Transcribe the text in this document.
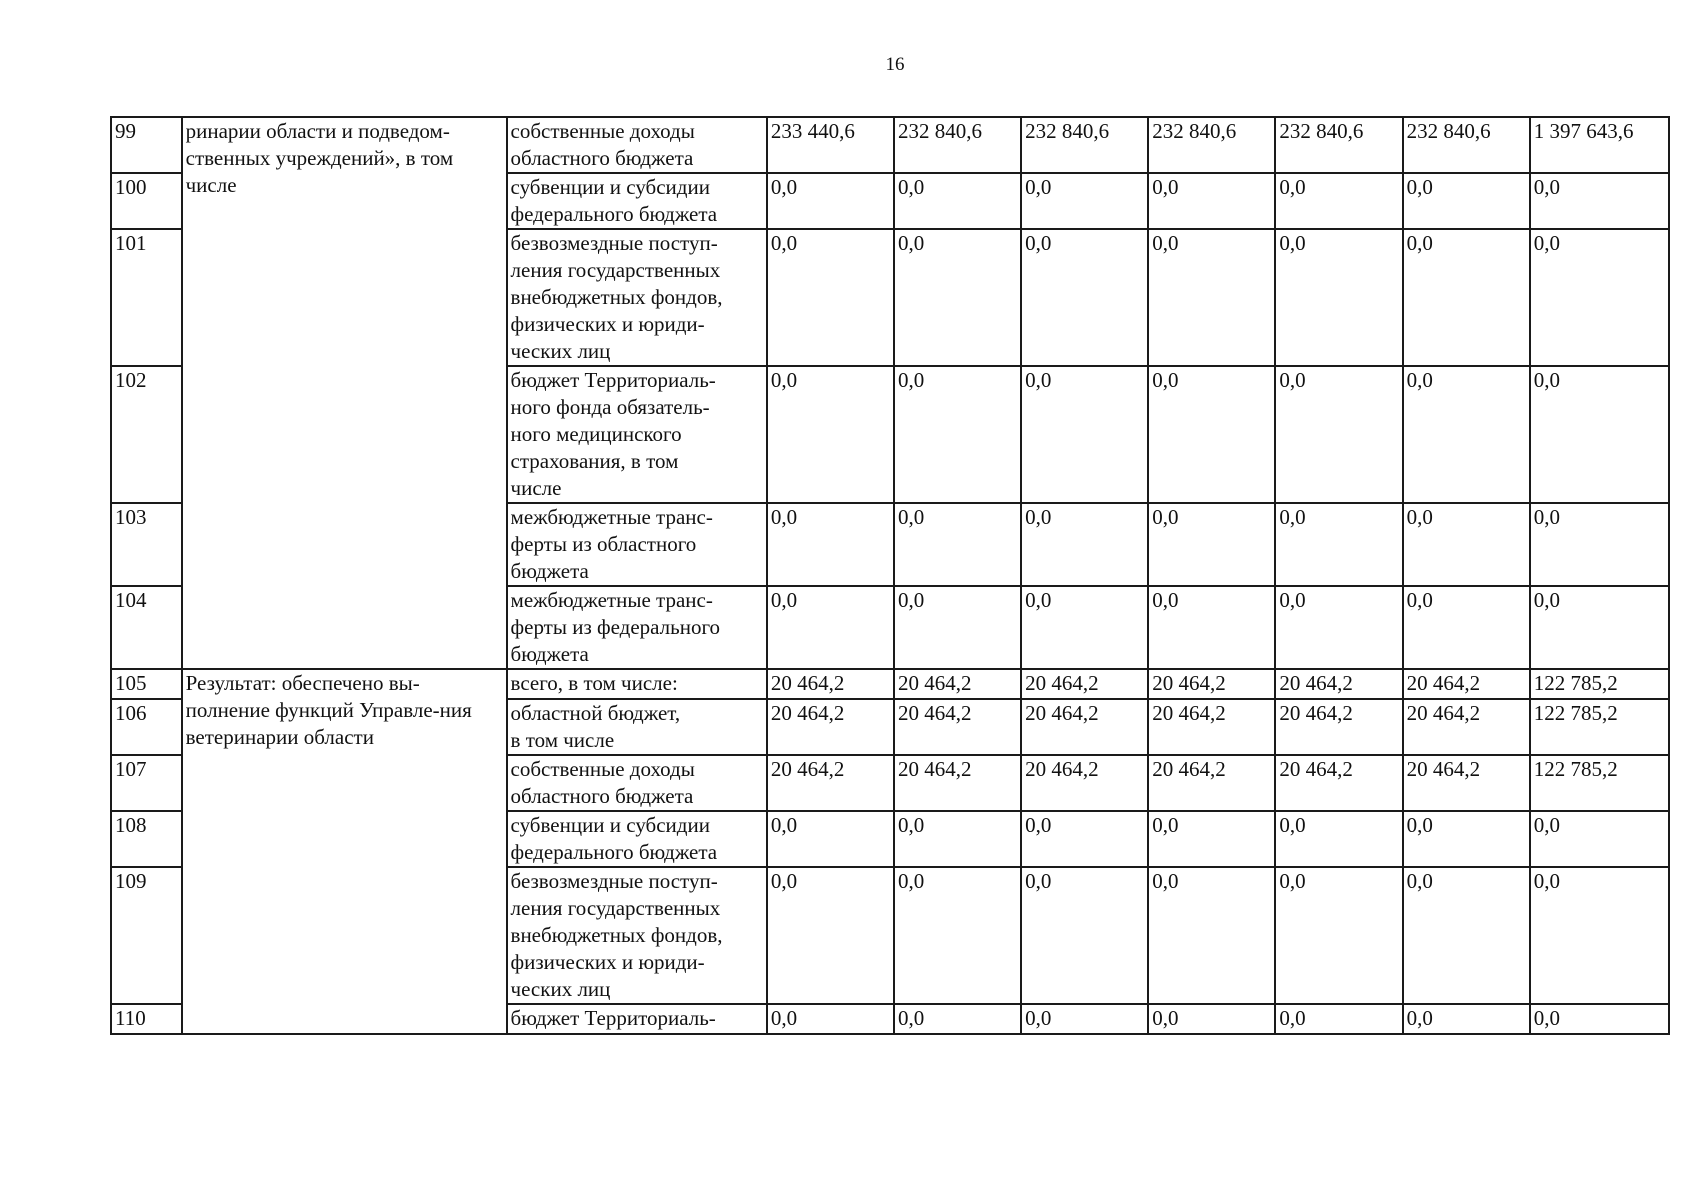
16
99	ринарии области и подведом-ственных учреждений», в том числе	собственные доходы
областного бюджета	233 440,6	232 840,6	232 840,6	232 840,6	232 840,6	232 840,6	1 397 643,6
100		субвенции и субсидии
федерального бюджета	0,0	0,0	0,0	0,0	0,0	0,0	0,0
101		безвозмездные поступ-
ления государственных
внебюджетных фондов,
физических и юриди-
ческих лиц	0,0	0,0	0,0	0,0	0,0	0,0	0,0
102		бюджет Территориаль-
ного фонда обязатель-
ного медицинского
страхования, в том
числе	0,0	0,0	0,0	0,0	0,0	0,0	0,0
103		межбюджетные транс-
ферты из областного
бюджета	0,0	0,0	0,0	0,0	0,0	0,0	0,0
104		межбюджетные транс-
ферты из федерального
бюджета	0,0	0,0	0,0	0,0	0,0	0,0	0,0
105	Результат: обеспечено вы-полнение функций Управле-ния ветеринарии области	всего, в том числе:	20 464,2	20 464,2	20 464,2	20 464,2	20 464,2	20 464,2	122 785,2
106		областной бюджет,
в том числе	20 464,2	20 464,2	20 464,2	20 464,2	20 464,2	20 464,2	122 785,2
107		собственные доходы
областного бюджета	20 464,2	20 464,2	20 464,2	20 464,2	20 464,2	20 464,2	122 785,2
108		субвенции и субсидии
федерального бюджета	0,0	0,0	0,0	0,0	0,0	0,0	0,0
109		безвозмездные поступ-
ления государственных
внебюджетных фондов,
физических и юриди-
ческих лиц	0,0	0,0	0,0	0,0	0,0	0,0	0,0
110		бюджет Территориаль-	0,0	0,0	0,0	0,0	0,0	0,0	0,0
